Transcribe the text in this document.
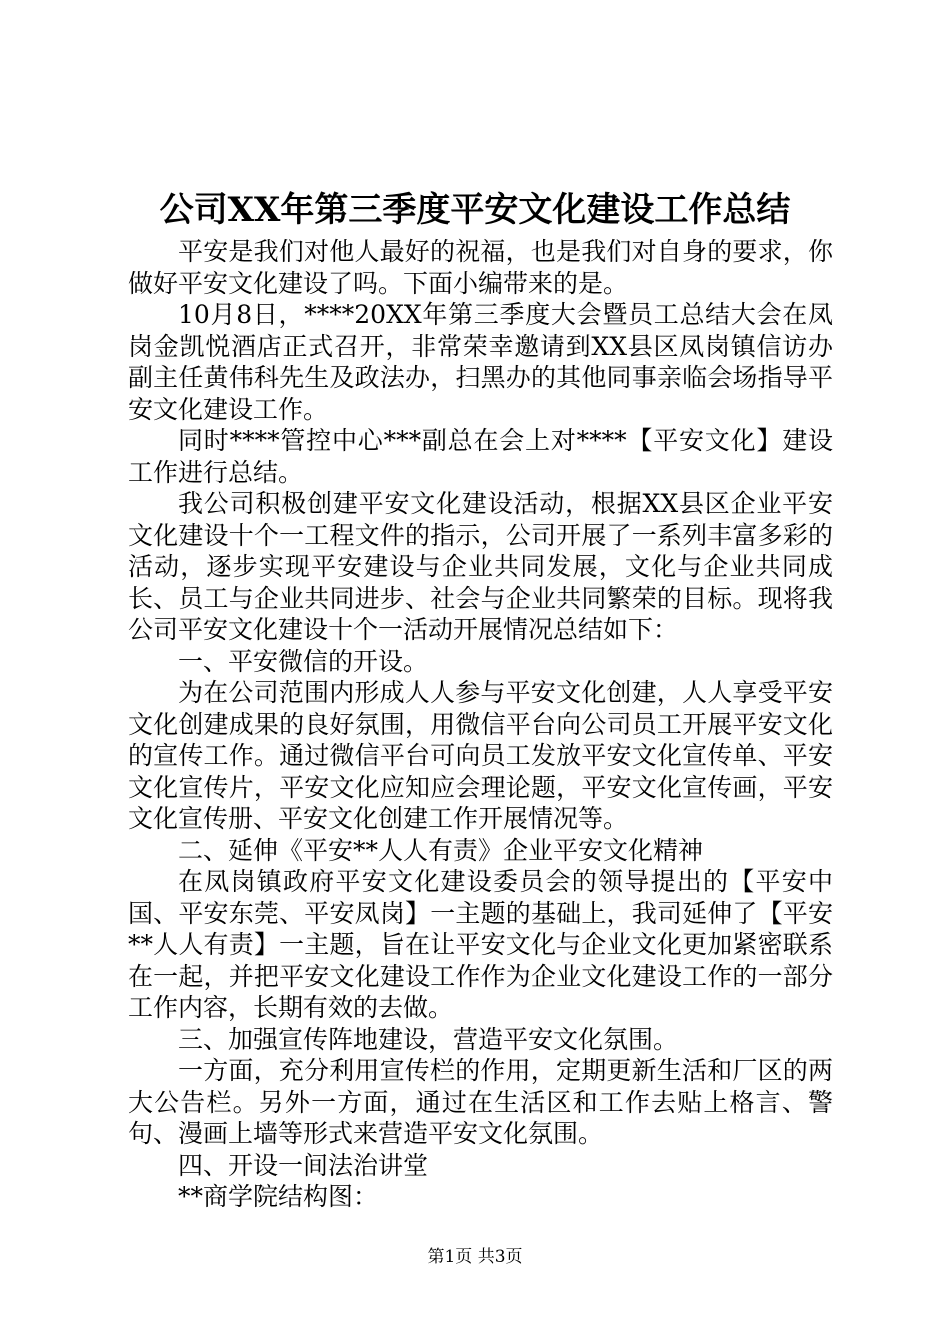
公司XX年第三季度平安文化建设工作总结

平安是我们对他人最好的祝福，也是我们对自身的要求，你做好平安文化建设了吗。下面小编带来的是。

10月8日，****20XX年第三季度大会暨员工总结大会在凤岗金凯悦酒店正式召开，非常荣幸邀请到XX县区凤岗镇信访办副主任黄伟科先生及政法办，扫黑办的其他同事亲临会场指导平安文化建设工作。

同时****管控中心***副总在会上对****【平安文化】建设工作进行总结。

我公司积极创建平安文化建设活动，根据XX县区企业平安文化建设十个一工程文件的指示，公司开展了一系列丰富多彩的活动，逐步实现平安建设与企业共同发展，文化与企业共同成长、员工与企业共同进步、社会与企业共同繁荣的目标。现将我公司平安文化建设十个一活动开展情况总结如下：

一、平安微信的开设。

为在公司范围内形成人人参与平安文化创建，人人享受平安文化创建成果的良好氛围，用微信平台向公司员工开展平安文化的宣传工作。通过微信平台可向员工发放平安文化宣传单、平安文化宣传片，平安文化应知应会理论题，平安文化宣传画，平安文化宣传册、平安文化创建工作开展情况等。

二、延伸《平安**人人有责》企业平安文化精神

在凤岗镇政府平安文化建设委员会的领导提出的【平安中国、平安东莞、平安凤岗】一主题的基础上，我司延伸了【平安**人人有责】一主题，旨在让平安文化与企业文化更加紧密联系在一起，并把平安文化建设工作作为企业文化建设工作的一部分工作内容，长期有效的去做。

三、加强宣传阵地建设，营造平安文化氛围。

一方面，充分利用宣传栏的作用，定期更新生活和厂区的两大公告栏。另外一方面，通过在生活区和工作去贴上格言、警句、漫画上墙等形式来营造平安文化氛围。

四、开设一间法治讲堂

**商学院结构图：

第1页 共3页
